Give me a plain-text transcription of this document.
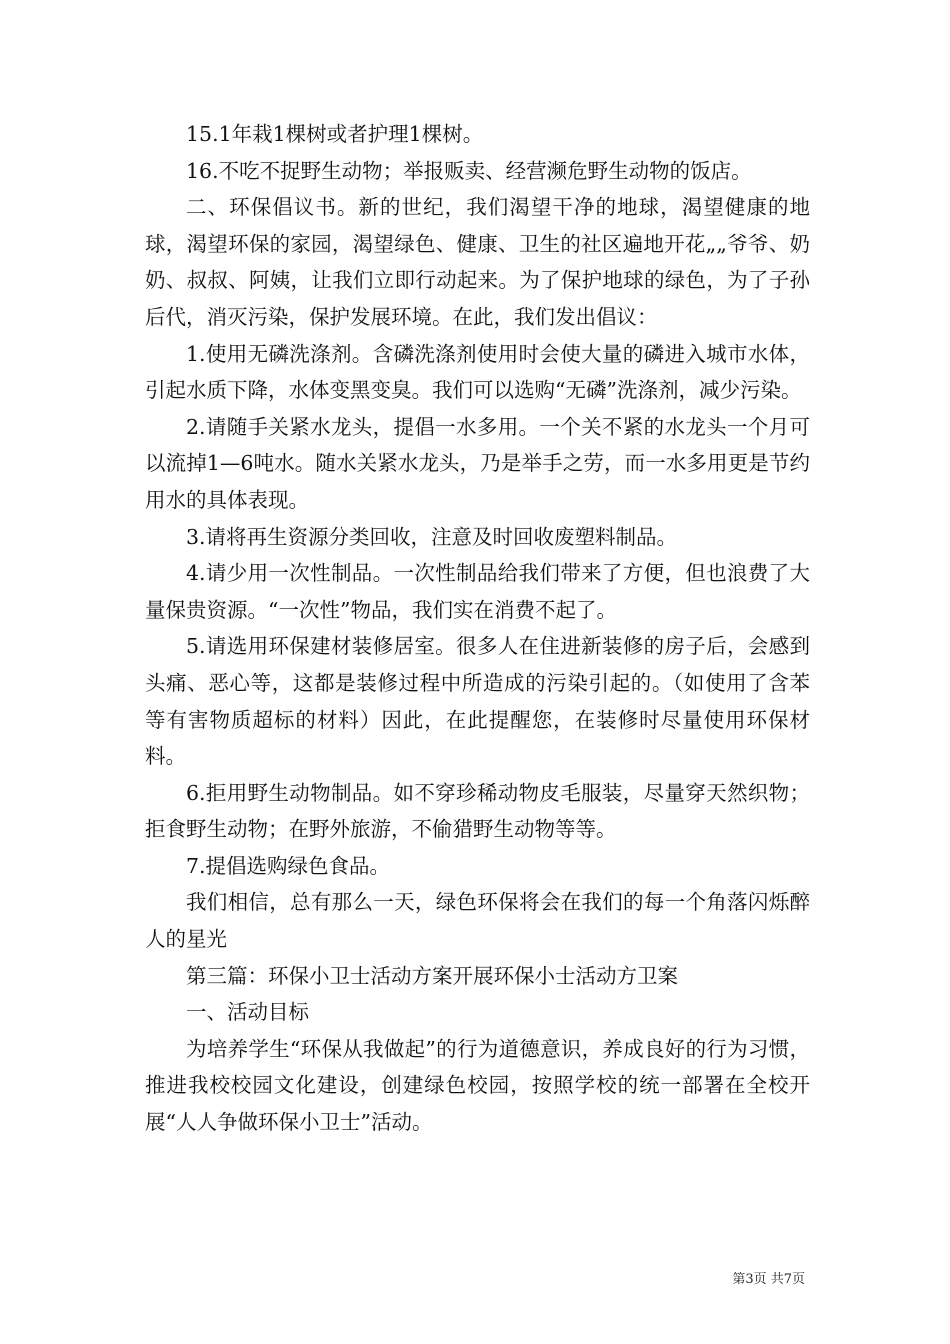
15.1年栽1棵树或者护理1棵树。

16.不吃不捉野生动物；举报贩卖、经营濒危野生动物的饭店。

二、环保倡议书。新的世纪，我们渴望干净的地球，渴望健康的地球，渴望环保的家园，渴望绿色、健康、卫生的社区遍地开花„„爷爷、奶奶、叔叔、阿姨，让我们立即行动起来。为了保护地球的绿色，为了子孙后代，消灭污染，保护发展环境。在此，我们发出倡议：

1.使用无磷洗涤剂。含磷洗涤剂使用时会使大量的磷进入城市水体，引起水质下降，水体变黑变臭。我们可以选购“无磷”洗涤剂，减少污染。

2.请随手关紧水龙头，提倡一水多用。一个关不紧的水龙头一个月可以流掉1—6吨水。随水关紧水龙头，乃是举手之劳，而一水多用更是节约用水的具体表现。

3.请将再生资源分类回收，注意及时回收废塑料制品。

4.请少用一次性制品。一次性制品给我们带来了方便，但也浪费了大量保贵资源。“一次性”物品，我们实在消费不起了。

5.请选用环保建材装修居室。很多人在住进新装修的房子后，会感到头痛、恶心等，这都是装修过程中所造成的污染引起的。（如使用了含苯等有害物质超标的材料）因此，在此提醒您，在装修时尽量使用环保材料。

6.拒用野生动物制品。如不穿珍稀动物皮毛服装，尽量穿天然织物；拒食野生动物；在野外旅游，不偷猎野生动物等等。

7.提倡选购绿色食品。

我们相信，总有那么一天，绿色环保将会在我们的每一个角落闪烁醉人的星光

第三篇：环保小卫士活动方案开展环保小士活动方卫案

一、活动目标

为培养学生“环保从我做起”的行为道德意识，养成良好的行为习惯，推进我校校园文化建设，创建绿色校园，按照学校的统一部署在全校开展“人人争做环保小卫士”活动。

第3页 共7页
